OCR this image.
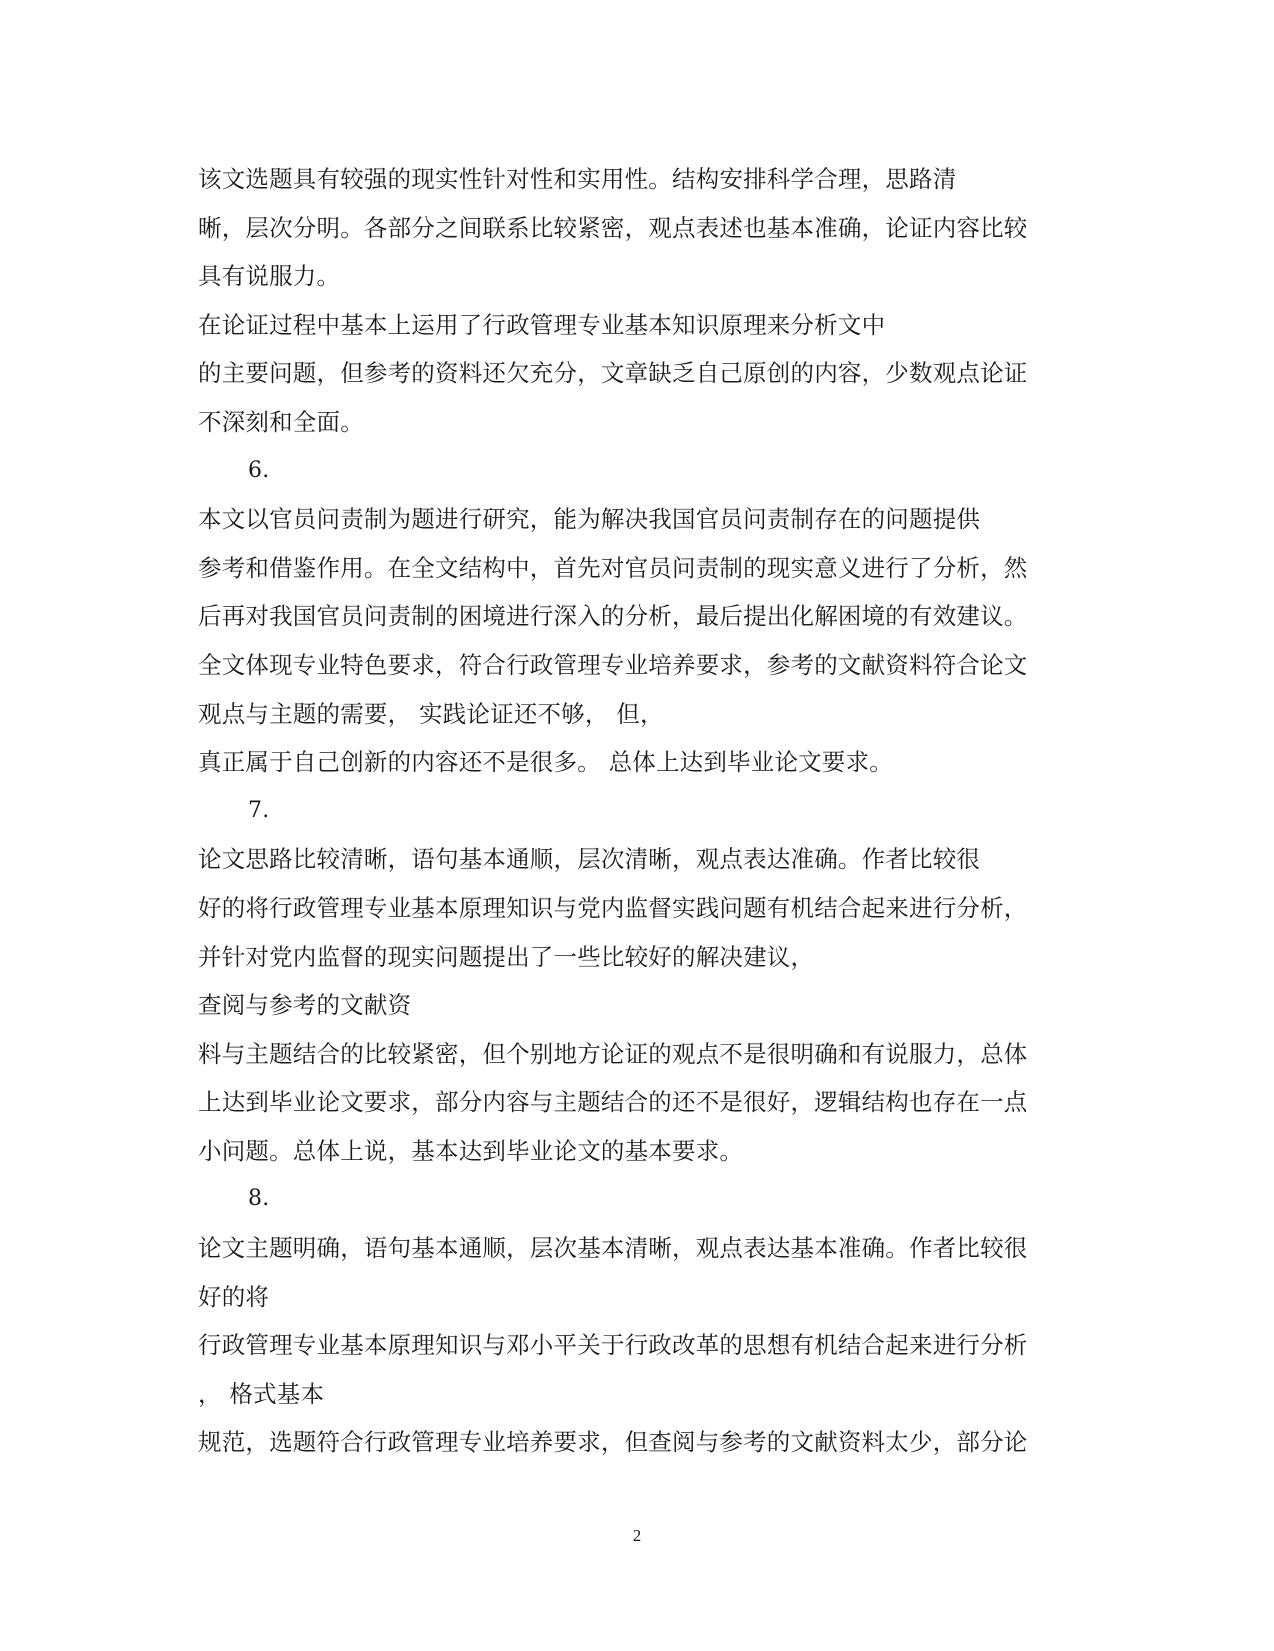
该文选题具有较强的现实性针对性和实用性。结构安排科学合理，思路清
晰，层次分明。各部分之间联系比较紧密，观点表述也基本准确，论证内容比较
具有说服力。
在论证过程中基本上运用了行政管理专业基本知识原理来分析文中
的主要问题，但参考的资料还欠充分，文章缺乏自己原创的内容，少数观点论证
不深刻和全面。
6.
本文以官员问责制为题进行研究，能为解决我国官员问责制存在的问题提供
参考和借鉴作用。在全文结构中，首先对官员问责制的现实意义进行了分析，然
后再对我国官员问责制的困境进行深入的分析，最后提出化解困境的有效建议。
全文体现专业特色要求，符合行政管理专业培养要求，参考的文献资料符合论文
观点与主题的需要， 实践论证还不够， 但，
真正属于自己创新的内容还不是很多。 总体上达到毕业论文要求。
7.
论文思路比较清晰，语句基本通顺，层次清晰，观点表达准确。作者比较很
好的将行政管理专业基本原理知识与党内监督实践问题有机结合起来进行分析，
并针对党内监督的现实问题提出了一些比较好的解决建议，
查阅与参考的文献资
料与主题结合的比较紧密，但个别地方论证的观点不是很明确和有说服力，总体
上达到毕业论文要求，部分内容与主题结合的还不是很好，逻辑结构也存在一点
小问题。总体上说，基本达到毕业论文的基本要求。
8.
论文主题明确，语句基本通顺，层次基本清晰，观点表达基本准确。作者比较很
好的将
行政管理专业基本原理知识与邓小平关于行政改革的思想有机结合起来进行分析
， 格式基本
规范，选题符合行政管理专业培养要求，但查阅与参考的文献资料太少，部分论
2
